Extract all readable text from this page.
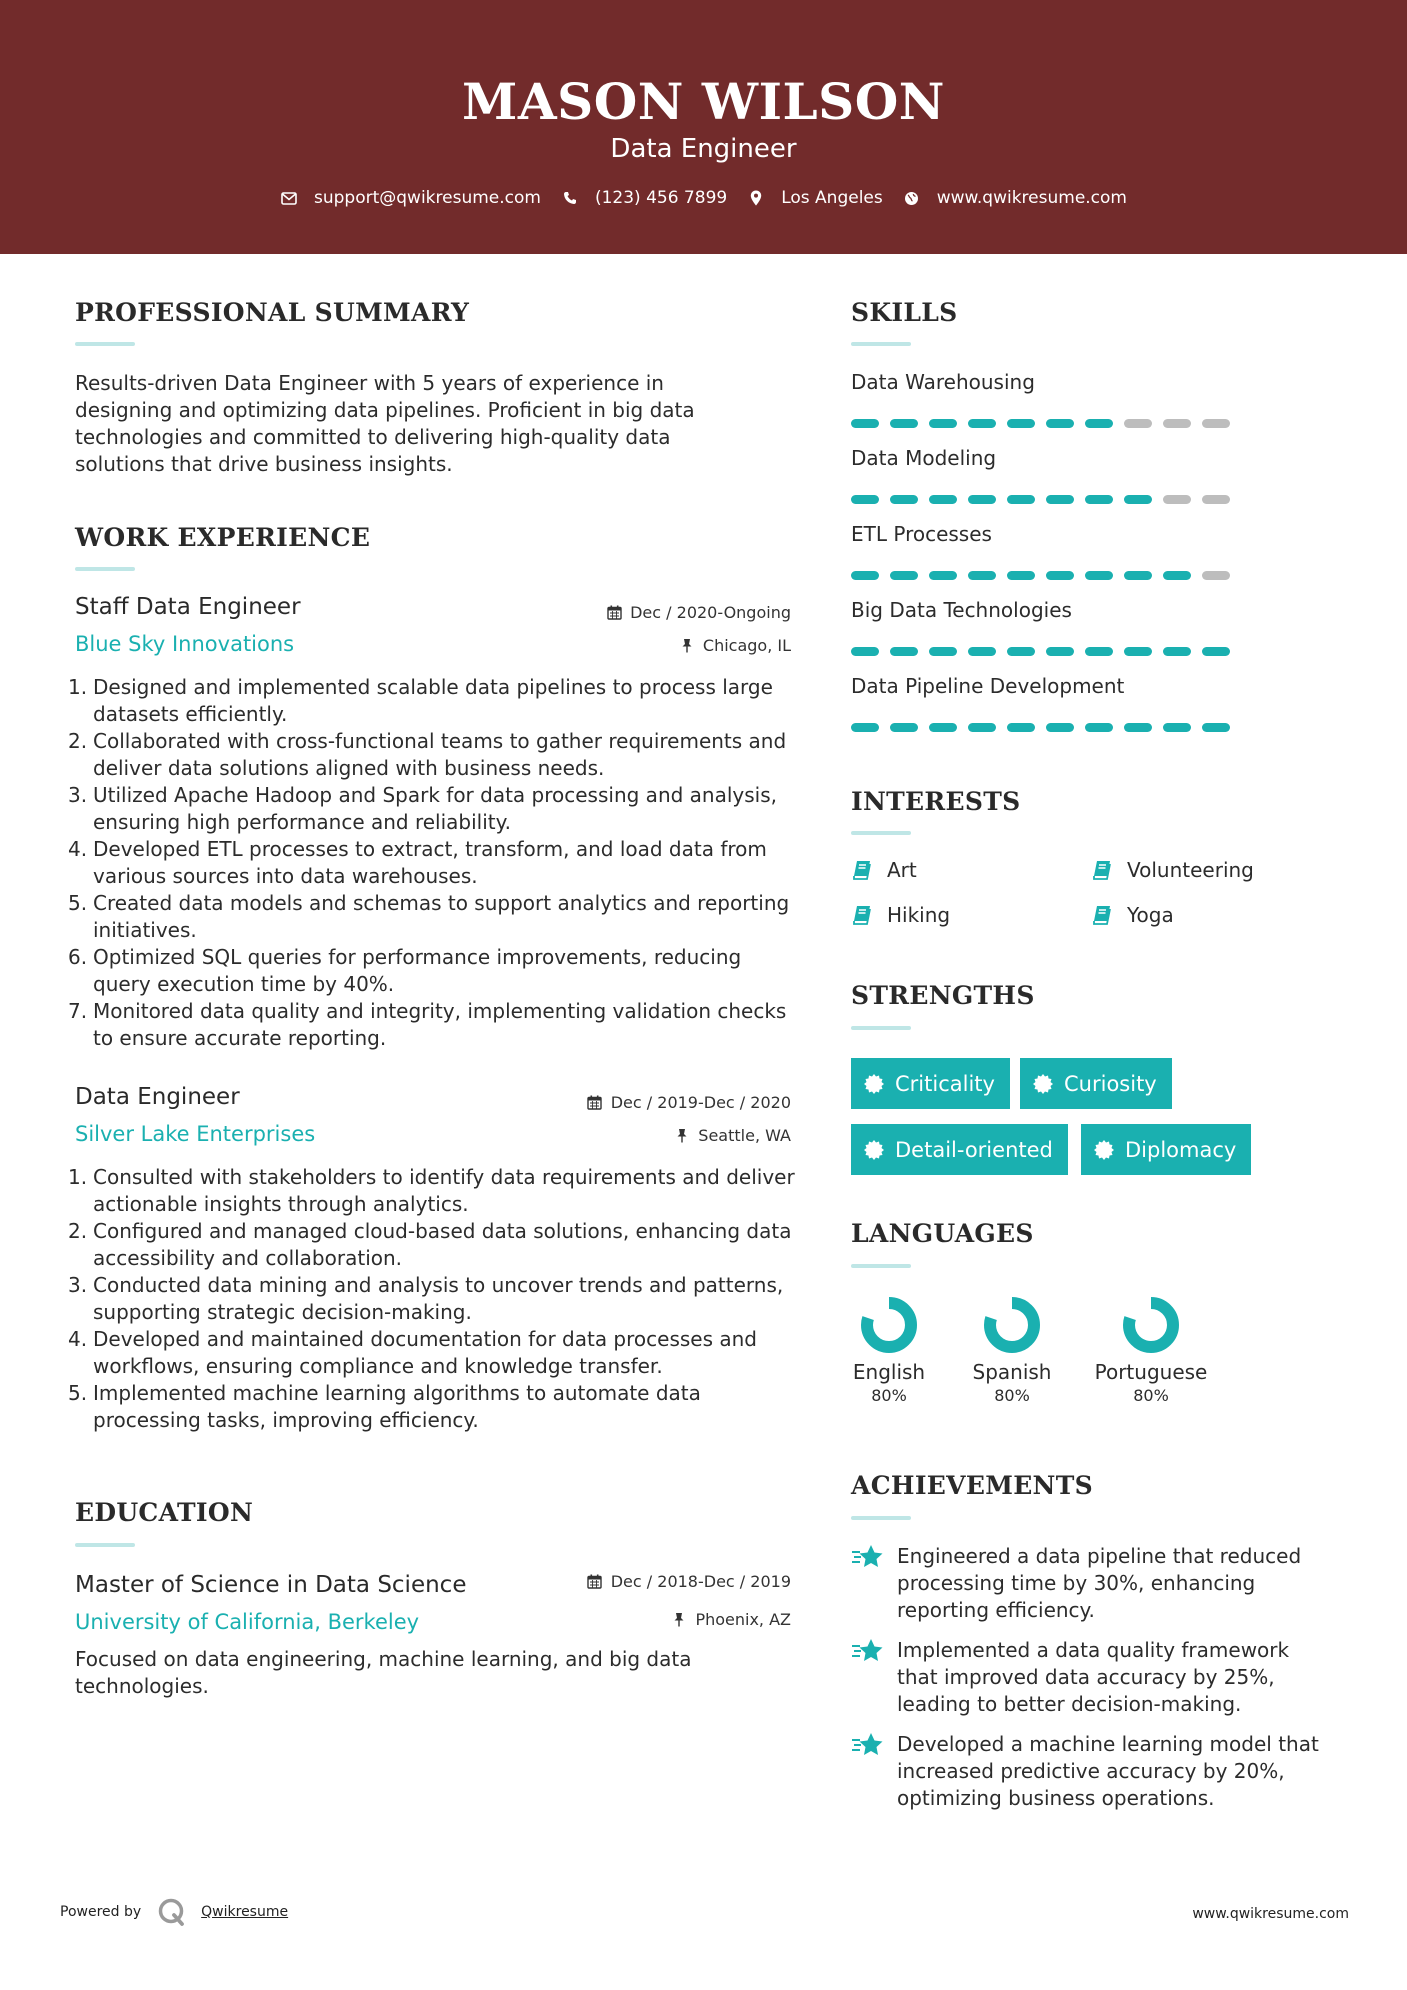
MASON WILSON
Data Engineer
support@qwikresume.com	(123) 456 7899	Los Angeles	www.qwikresume.com
PROFESSIONAL SUMMARY
Results-driven Data Engineer with 5 years of experience in designing and optimizing data pipelines. Proficient in big data technologies and committed to delivering high-quality data solutions that drive business insights.
WORK EXPERIENCE
Staff Data Engineer	Dec / 2020-Ongoing
Blue Sky Innovations	Chicago, IL
1. Designed and implemented scalable data pipelines to process large datasets efficiently.
2. Collaborated with cross-functional teams to gather requirements and deliver data solutions aligned with business needs.
3. Utilized Apache Hadoop and Spark for data processing and analysis, ensuring high performance and reliability.
4. Developed ETL processes to extract, transform, and load data from various sources into data warehouses.
5. Created data models and schemas to support analytics and reporting initiatives.
6. Optimized SQL queries for performance improvements, reducing query execution time by 40%.
7. Monitored data quality and integrity, implementing validation checks to ensure accurate reporting.
Data Engineer	Dec / 2019-Dec / 2020
Silver Lake Enterprises	Seattle, WA
1. Consulted with stakeholders to identify data requirements and deliver actionable insights through analytics.
2. Configured and managed cloud-based data solutions, enhancing data accessibility and collaboration.
3. Conducted data mining and analysis to uncover trends and patterns, supporting strategic decision-making.
4. Developed and maintained documentation for data processes and workflows, ensuring compliance and knowledge transfer.
5. Implemented machine learning algorithms to automate data processing tasks, improving efficiency.
EDUCATION
Master of Science in Data Science	Dec / 2018-Dec / 2019
University of California, Berkeley	Phoenix, AZ
Focused on data engineering, machine learning, and big data technologies.
SKILLS
Data Warehousing
Data Modeling
ETL Processes
Big Data Technologies
Data Pipeline Development
INTERESTS
Art	Volunteering
Hiking	Yoga
STRENGTHS
Criticality	Curiosity
Detail-oriented	Diplomacy
LANGUAGES
English
80%
Spanish
80%
Portuguese
80%
ACHIEVEMENTS
Engineered a data pipeline that reduced processing time by 30%, enhancing reporting efficiency.
Implemented a data quality framework that improved data accuracy by 25%, leading to better decision-making.
Developed a machine learning model that increased predictive accuracy by 20%, optimizing business operations.
Powered by	Qwikresume	www.qwikresume.com
